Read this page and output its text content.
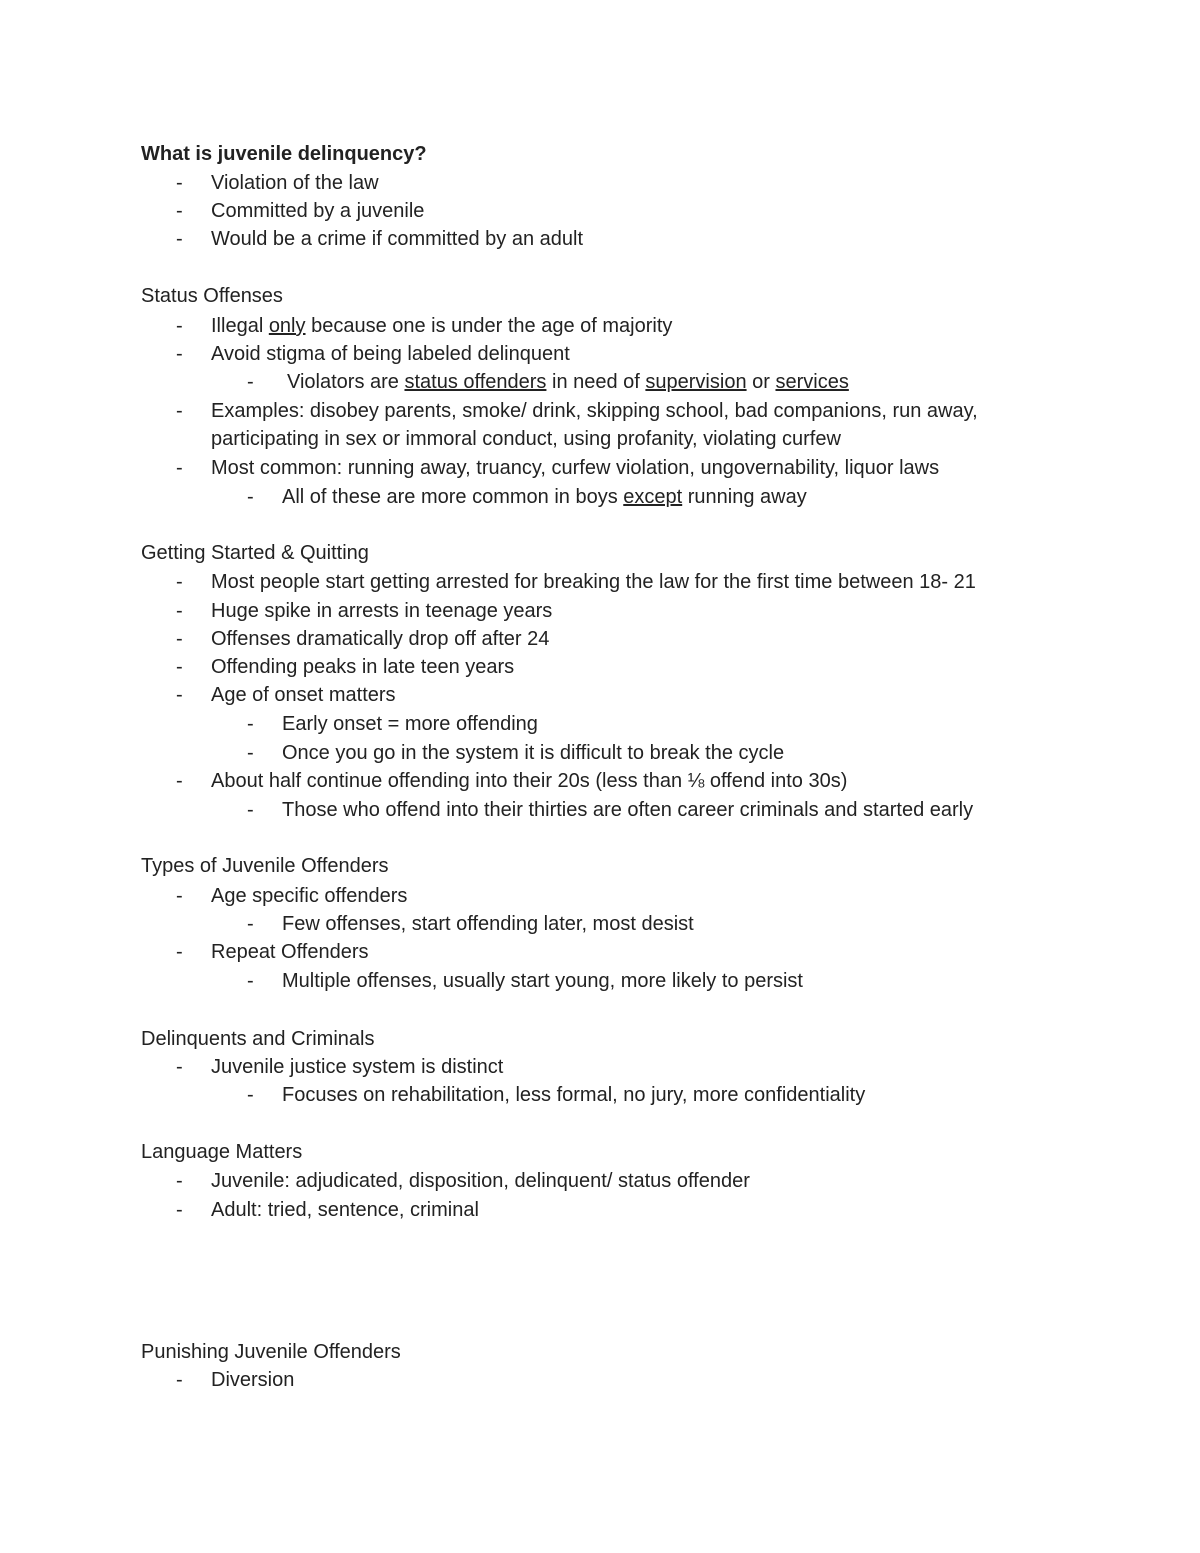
What is juvenile delinquency?
- Violation of the law
- Committed by a juvenile
- Would be a crime if committed by an adult
Status Offenses
- Illegal only because one is under the age of majority
- Avoid stigma of being labeled delinquent
- Violators are status offenders in need of supervision or services
- Examples: disobey parents, smoke/ drink, skipping school, bad companions, run away,
participating in sex or immoral conduct, using profanity, violating curfew
- Most common: running away, truancy, curfew violation, ungovernability, liquor laws
- All of these are more common in boys except running away
Getting Started & Quitting
- Most people start getting arrested for breaking the law for the first time between 18- 21
- Huge spike in arrests in teenage years
- Offenses dramatically drop off after 24
- Offending peaks in late teen years
- Age of onset matters
- Early onset = more offending
- Once you go in the system it is difficult to break the cycle
- About half continue offending into their 20s (less than ⅛ offend into 30s)
- Those who offend into their thirties are often career criminals and started early
Types of Juvenile Offenders
- Age specific offenders
- Few offenses, start offending later, most desist
- Repeat Offenders
- Multiple offenses, usually start young, more likely to persist
Delinquents and Criminals
- Juvenile justice system is distinct
- Focuses on rehabilitation, less formal, no jury, more confidentiality
Language Matters
- Juvenile: adjudicated, disposition, delinquent/ status offender
- Adult: tried, sentence, criminal
Punishing Juvenile Offenders
- Diversion
